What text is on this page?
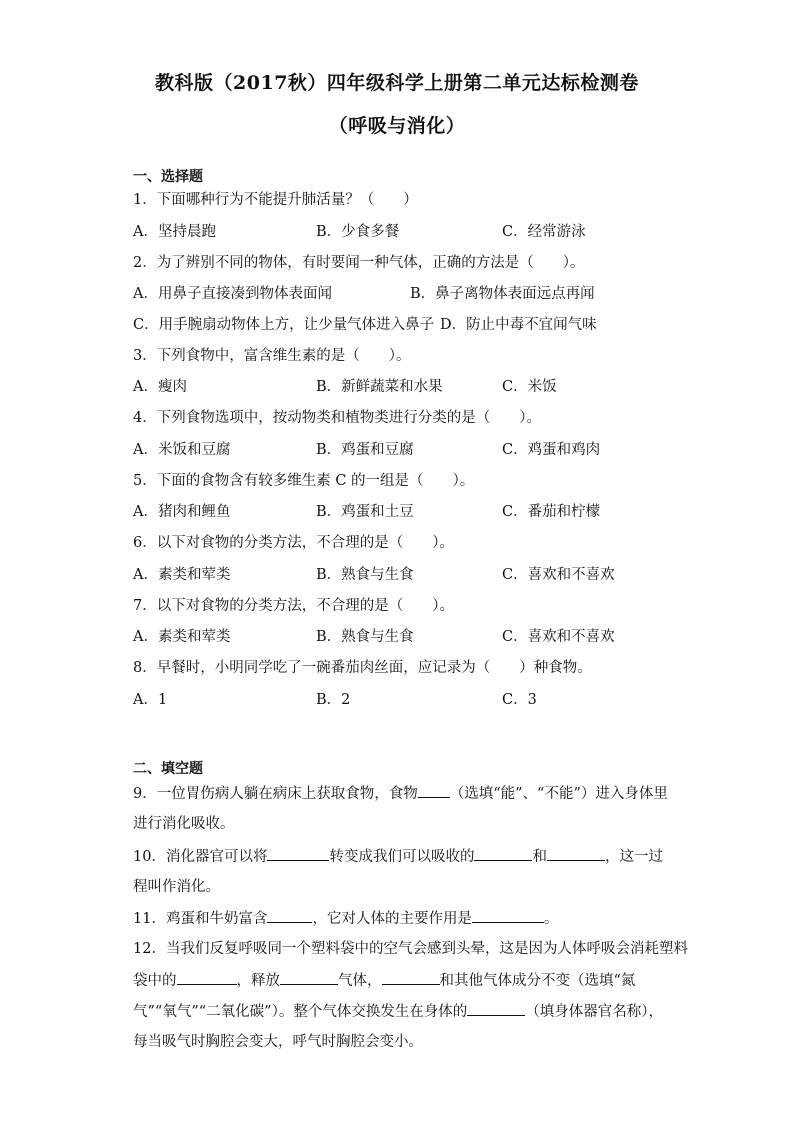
教科版（2017秋）四年级科学上册第二单元达标检测卷
（呼吸与消化）
一、选择题
1．下面哪种行为不能提升肺活量？（　　）
A．坚持晨跑	B．少食多餐	C．经常游泳
2．为了辨别不同的物体，有时要闻一种气体，正确的方法是（　　）。
A．用鼻子直接凑到物体表面闻	B．鼻子离物体表面远点再闻
C．用手腕扇动物体上方，让少量气体进入鼻子 D．防止中毒不宜闻气味
3．下列食物中，富含维生素的是（　　）。
A．瘦肉	B．新鲜蔬菜和水果	C．米饭
4．下列食物选项中，按动物类和植物类进行分类的是（　　）。
A．米饭和豆腐	B．鸡蛋和豆腐	C．鸡蛋和鸡肉
5．下面的食物含有较多维生素 C 的一组是（　　）。
A．猪肉和鲤鱼	B．鸡蛋和土豆	C．番茄和柠檬
6．以下对食物的分类方法，不合理的是（　　）。
A．素类和荤类	B．熟食与生食	C．喜欢和不喜欢
7．以下对食物的分类方法，不合理的是（　　）。
A．素类和荤类	B．熟食与生食	C．喜欢和不喜欢
8．早餐时，小明同学吃了一碗番茄肉丝面，应记录为（　　）种食物。
A．1	B．2	C．3
二、填空题
9．一位胃伤病人躺在病床上获取食物，食物 （选填“能”、“不能”）进入身体里
进行消化吸收。
10．消化器官可以将	转变成我们可以吸收的	和	，这一过
程叫作消化。
11．鸡蛋和牛奶富含	，它对人体的主要作用是	。
12．当我们反复呼吸同一个塑料袋中的空气会感到头晕，这是因为人体呼吸会消耗塑料
袋中的	，释放	气体，	和其他气体成分不变（选填“氮
气”“氧气”“二氧化碳”）。整个气体交换发生在身体的	（填身体器官名称），
每当吸气时胸腔会变大，呼气时胸腔会变小。
